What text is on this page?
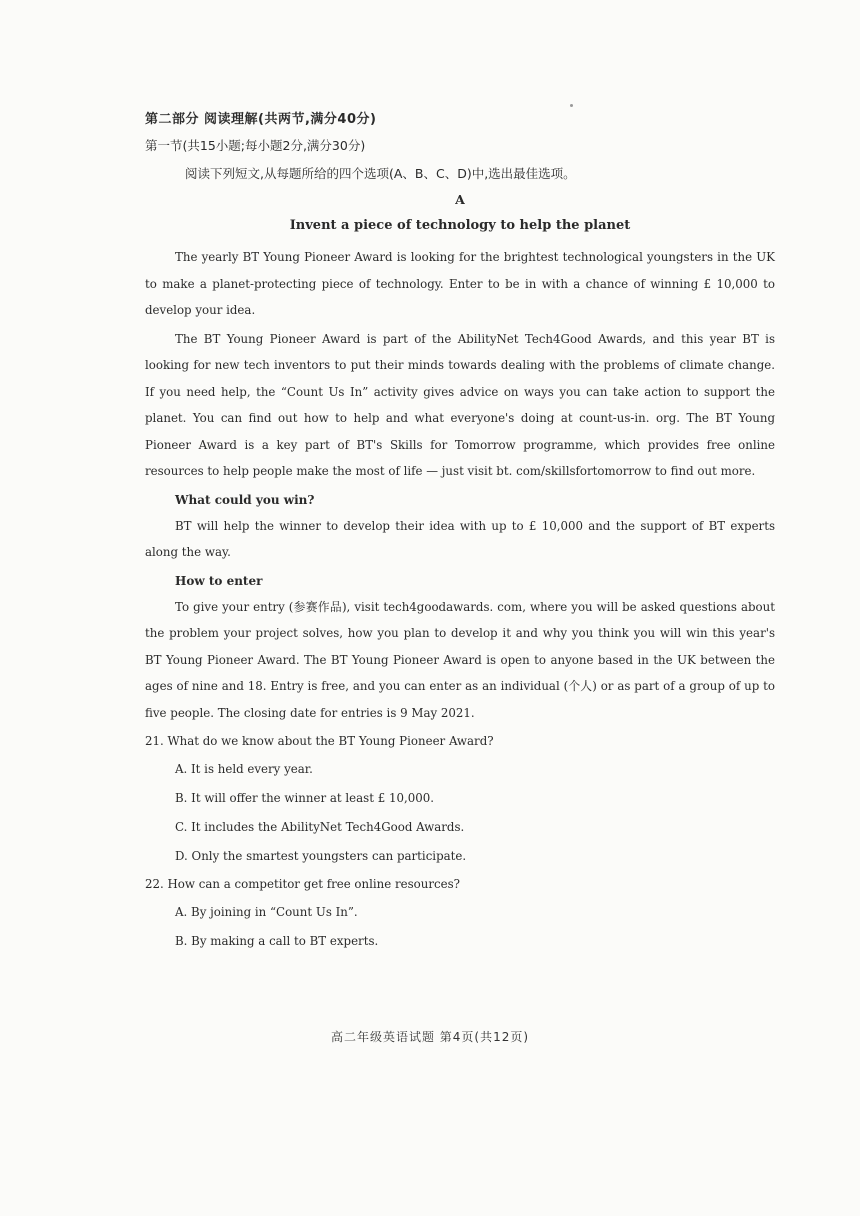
第二部分 阅读理解(共两节,满分40分)

第一节(共15小题;每小题2分,满分30分)

阅读下列短文,从每题所给的四个选项(A、B、C、D)中,选出最佳选项。

A

Invent a piece of technology to help the planet

The yearly BT Young Pioneer Award is looking for the brightest technological youngsters in the UK to make a planet-protecting piece of technology. Enter to be in with a chance of winning £ 10,000 to develop your idea.

The BT Young Pioneer Award is part of the AbilityNet Tech4Good Awards, and this year BT is looking for new tech inventors to put their minds towards dealing with the problems of climate change. If you need help, the “Count Us In” activity gives advice on ways you can take action to support the planet. You can find out how to help and what everyone's doing at count-us-in. org. The BT Young Pioneer Award is a key part of BT's Skills for Tomorrow programme, which provides free online resources to help people make the most of life — just visit bt. com/skillsfortomorrow to find out more.

What could you win?

BT will help the winner to develop their idea with up to £ 10,000 and the support of BT experts along the way.

How to enter

To give your entry (参赛作品), visit tech4goodawards. com, where you will be asked questions about the problem your project solves, how you plan to develop it and why you think you will win this year's BT Young Pioneer Award. The BT Young Pioneer Award is open to anyone based in the UK between the ages of nine and 18. Entry is free, and you can enter as an individual (个人) or as part of a group of up to five people. The closing date for entries is 9 May 2021.

21. What do we know about the BT Young Pioneer Award?

A. It is held every year.

B. It will offer the winner at least £ 10,000.

C. It includes the AbilityNet Tech4Good Awards.

D. Only the smartest youngsters can participate.

22. How can a competitor get free online resources?

A. By joining in “Count Us In”.

B. By making a call to BT experts.

高二年级英语试题 第4页(共12页)
